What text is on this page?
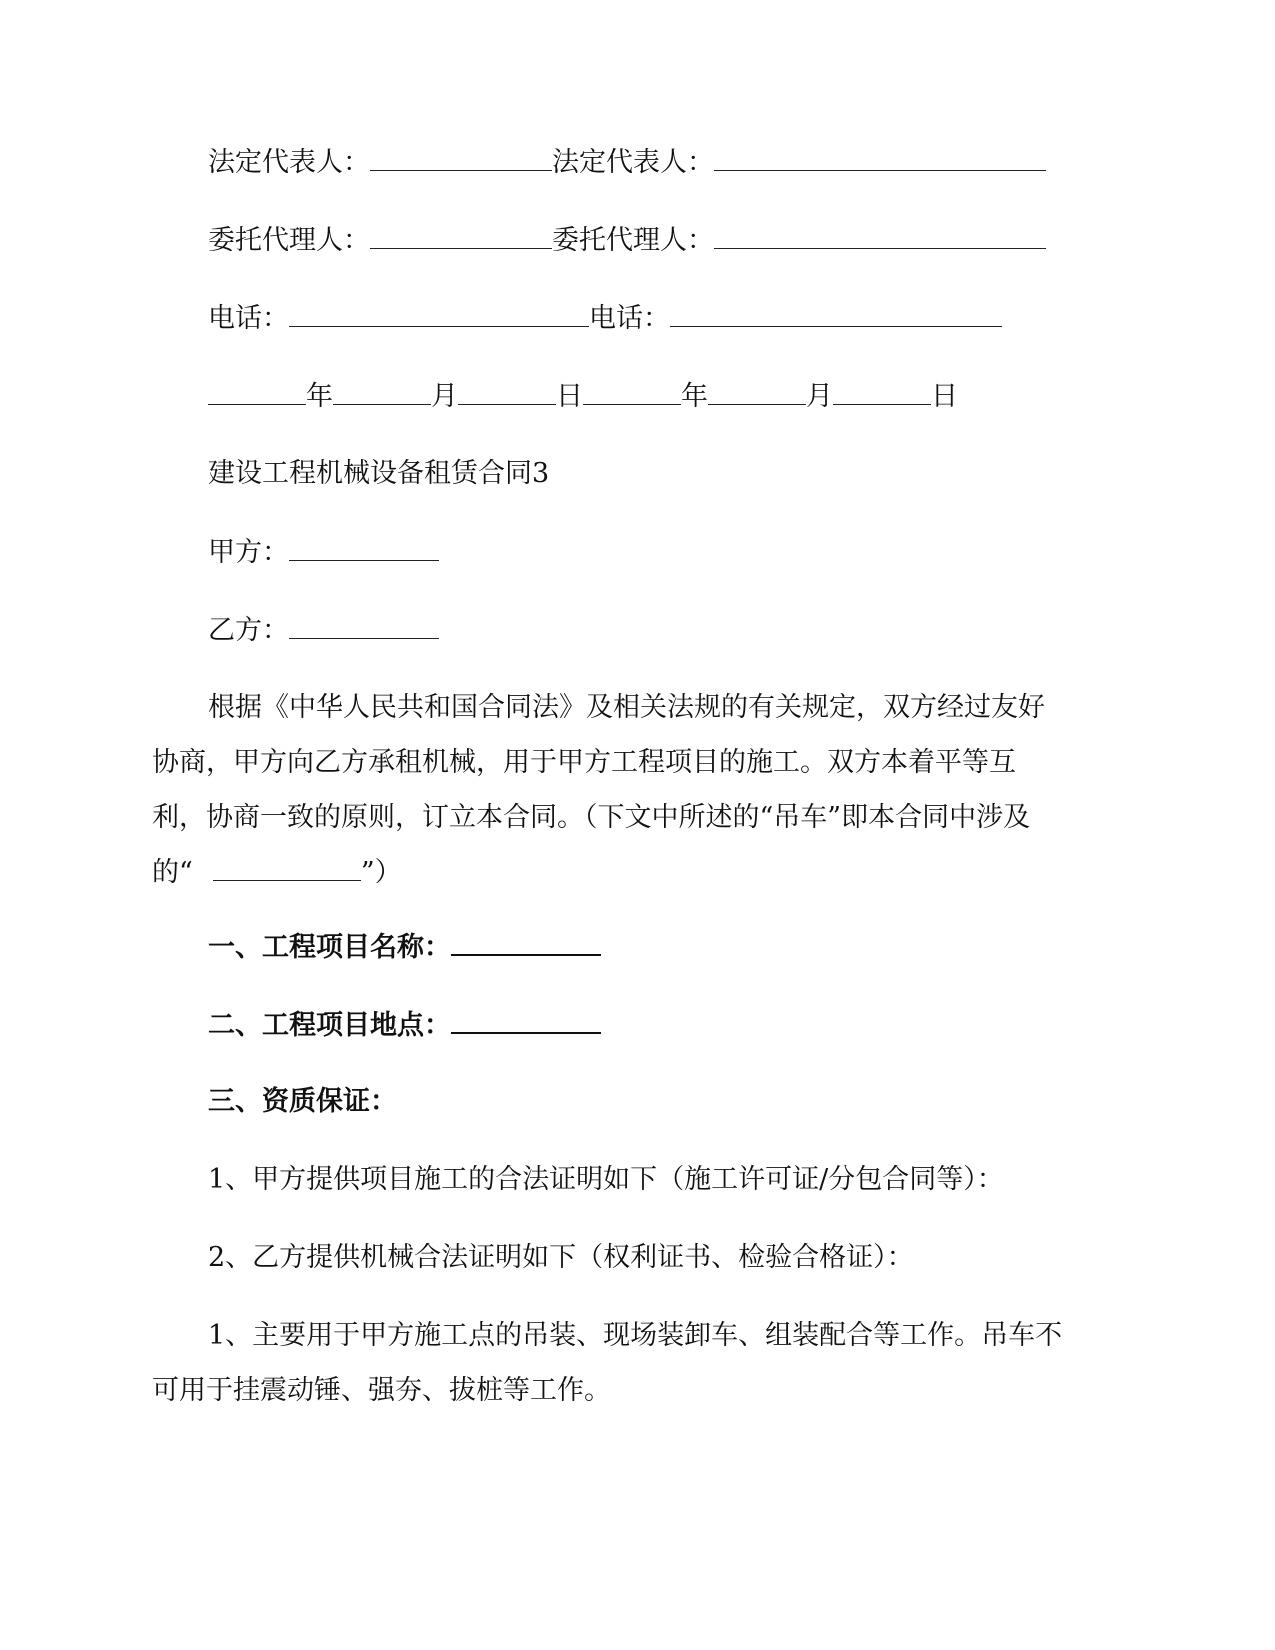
法定代表人：	法定代表人：
委托代理人：	委托代理人：
电话：	电话：
年	月	日	年	月	日
建设工程机械设备租赁合同3
甲方：
乙方：
根据《中华人民共和国合同法》及相关法规的有关规定，双方经过友好协商，甲方向乙方承租机械，用于甲方工程项目的施工。双方本着平等互利，协商一致的原则，订立本合同。（下文中所述的“吊车”即本合同中涉及的“	”）
一、工程项目名称：
二、工程项目地点：
三、资质保证：
1、甲方提供项目施工的合法证明如下（施工许可证/分包合同等）：
2、乙方提供机械合法证明如下（权利证书、检验合格证）：
1、主要用于甲方施工点的吊装、现场装卸车、组装配合等工作。吊车不可用于挂震动锤、强夯、拔桩等工作。
